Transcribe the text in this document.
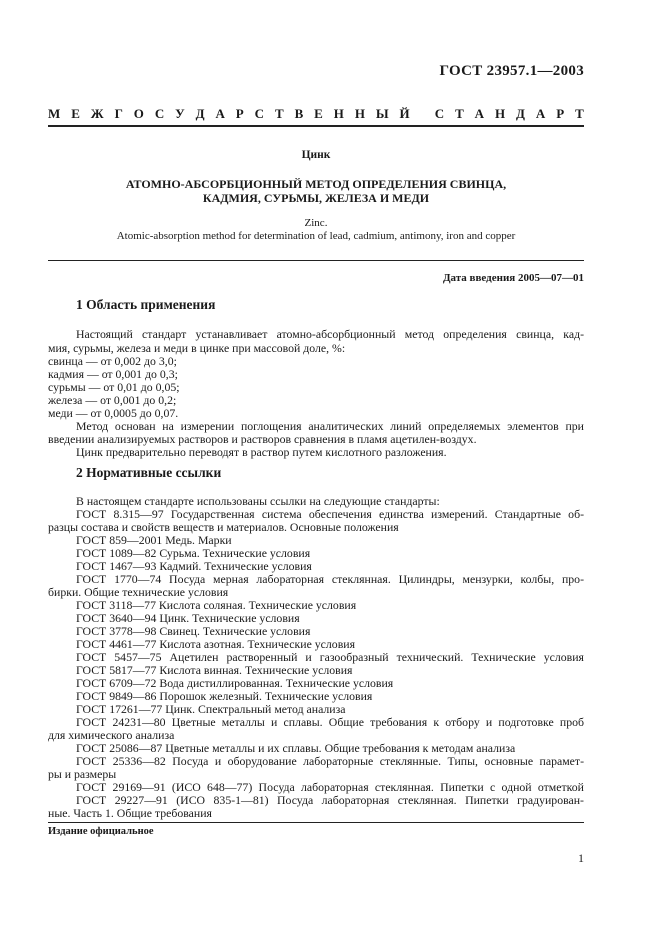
ГОСТ 23957.1—2003
М Е Ж Г О С У Д А Р С Т В Е Н Н Ы Й
С Т А Н Д А Р Т
Цинк
АТОМНО-АБСОРБЦИОННЫЙ МЕТОД ОПРЕДЕЛЕНИЯ СВИНЦА,
КАДМИЯ, СУРЬМЫ, ЖЕЛЕЗА И МЕДИ
Zinc.
Atomic-absorption method for determination of lead, cadmium, antimony, iron and copper
Дата введения 2005—07—01
1 Область применения
Настоящий стандарт устанавливает атомно-абсорбционный метод определения свинца, кад-
мия, сурьмы, железа и меди в цинке при массовой доле, %:
свинца — от 0,002 до 3,0;
кадмия — от 0,001 до 0,3;
сурьмы — от 0,01 до 0,05;
железа — от 0,001 до 0,2;
меди — от 0,0005 до 0,07.
Метод основан на измерении поглощения аналитических линий определяемых элементов при
введении анализируемых растворов и растворов сравнения в пламя ацетилен-воздух.
Цинк предварительно переводят в раствор путем кислотного разложения.
2 Нормативные ссылки
В настоящем стандарте использованы ссылки на следующие стандарты:
ГОСТ 8.315—97 Государственная система обеспечения единства измерений. Стандартные об-
разцы состава и свойств веществ и материалов. Основные положения
ГОСТ 859—2001 Медь. Марки
ГОСТ 1089—82 Сурьма. Технические условия
ГОСТ 1467—93 Кадмий. Технические условия
ГОСТ 1770—74 Посуда мерная лабораторная стеклянная. Цилиндры, мензурки, колбы, про-
бирки. Общие технические условия
ГОСТ 3118—77 Кислота соляная. Технические условия
ГОСТ 3640—94 Цинк. Технические условия
ГОСТ 3778—98 Свинец. Технические условия
ГОСТ 4461—77 Кислота азотная. Технические условия
ГОСТ 5457—75 Ацетилен растворенный и газообразный технический. Технические условия
ГОСТ 5817—77 Кислота винная. Технические условия
ГОСТ 6709—72 Вода дистиллированная. Технические условия
ГОСТ 9849—86 Порошок железный. Технические условия
ГОСТ 17261—77 Цинк. Спектральный метод анализа
ГОСТ 24231—80 Цветные металлы и сплавы. Общие требования к отбору и подготовке проб
для химического анализа
ГОСТ 25086—87 Цветные металлы и их сплавы. Общие требования к методам анализа
ГОСТ 25336—82 Посуда и оборудование лабораторные стеклянные. Типы, основные парамет-
ры и размеры
ГОСТ 29169—91 (ИСО 648—77) Посуда лабораторная стеклянная. Пипетки с одной отметкой
ГОСТ 29227—91 (ИСО 835-1—81) Посуда лабораторная стеклянная. Пипетки градуирован-
ные. Часть 1. Общие требования
Издание официальное
1
